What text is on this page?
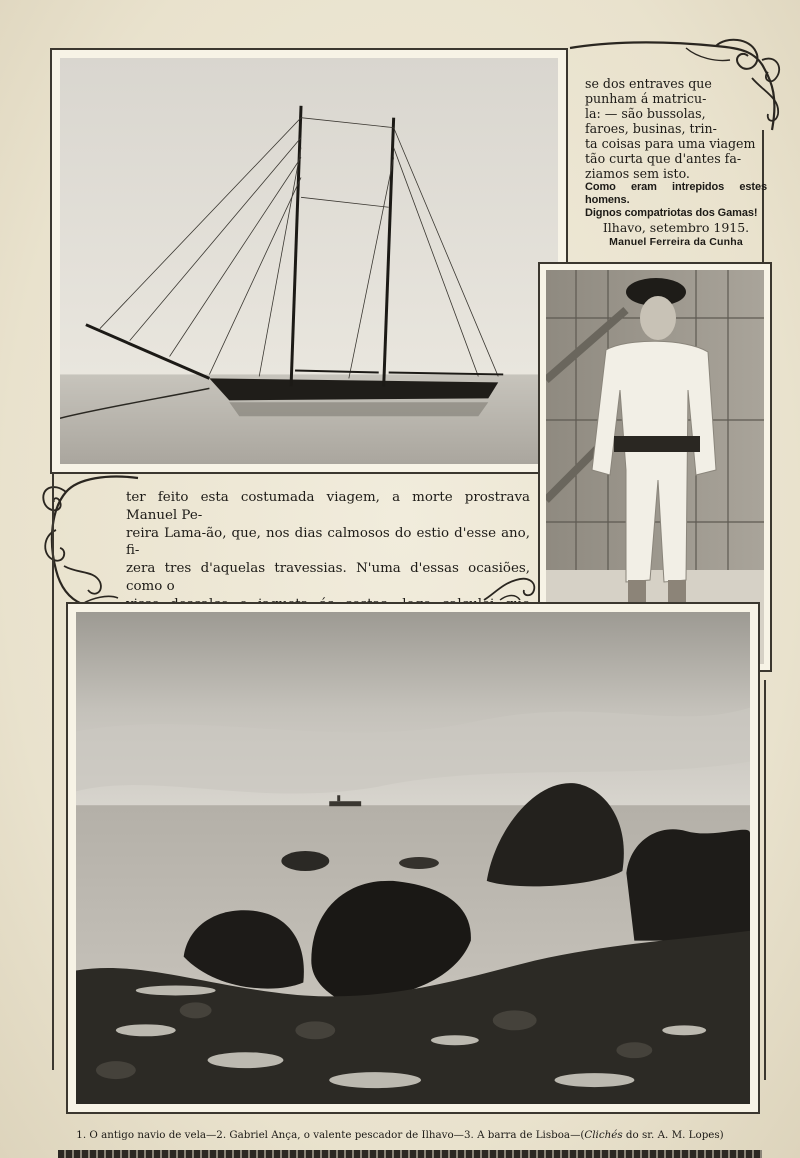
se dos entraves que
punham á matricu-
la: — são bussolas,
faroes, businas, trin-
ta coisas para uma viagem
tão curta que d'antes fa-
ziamos sem isto.

Como eram intrepidos estes homens.

Dignos compatriotas dos Gamas!

Ilhavo, setembro 1915.

Manuel Ferreira da Cunha

ter feito esta costumada viagem, a morte prostrava Manuel Pe-
reira Lama-ão, que, nos dias calmosos do estio d'esse ano, fi-
zera tres d'aquelas travessias. N'uma d'essas ocasiões, como o

1. O antigo navio de vela—2. Gabriel Ança, o valente pescador de Ilhavo—3. A barra de Lisboa—(Clichés do sr. A. M. Lopes)
